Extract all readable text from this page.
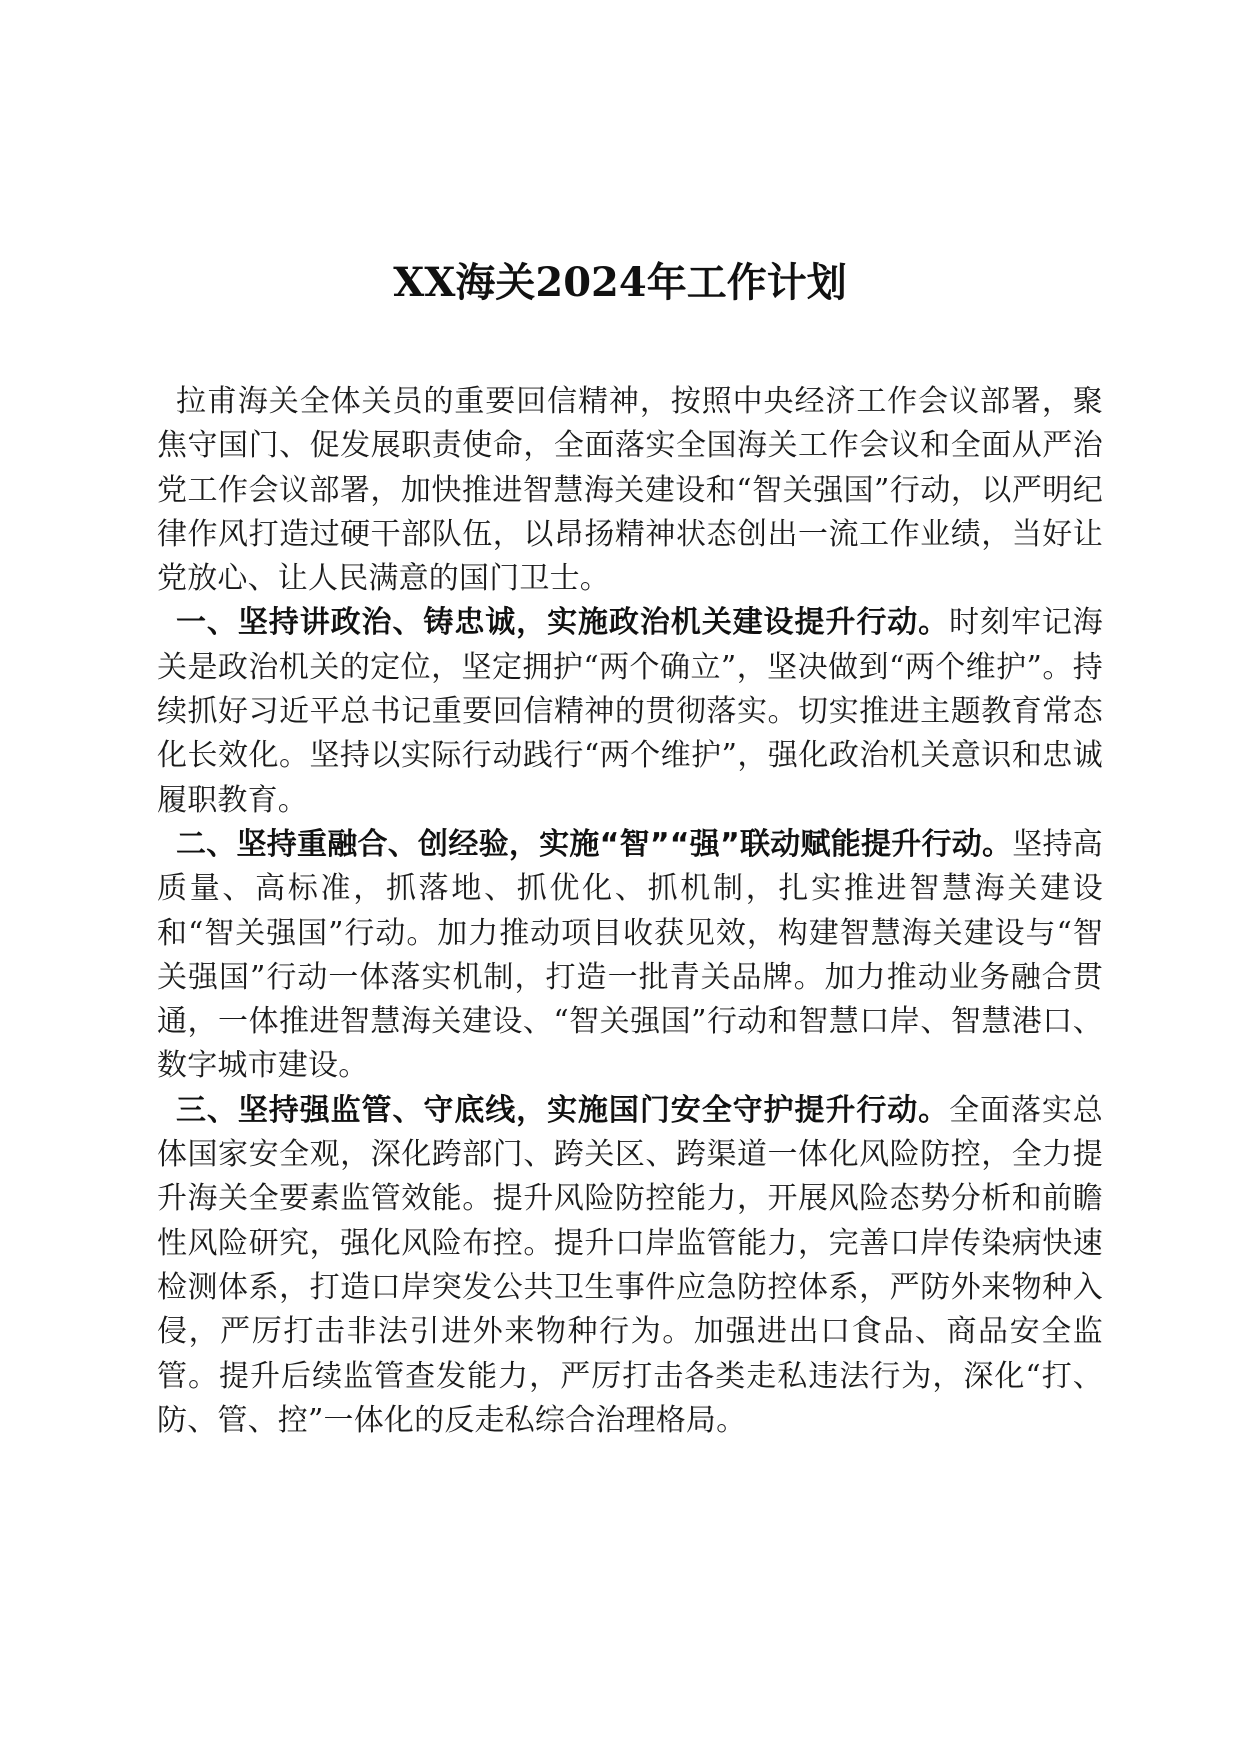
XX海关2024年工作计划

拉甫海关全体关员的重要回信精神，按照中央经济工作会议部署，聚焦守国门、促发展职责使命，全面落实全国海关工作会议和全面从严治党工作会议部署，加快推进智慧海关建设和“智关强国”行动，以严明纪律作风打造过硬干部队伍，以昂扬精神状态创出一流工作业绩，当好让党放心、让人民满意的国门卫士。

一、坚持讲政治、铸忠诚，实施政治机关建设提升行动。时刻牢记海关是政治机关的定位，坚定拥护“两个确立”，坚决做到“两个维护”。持续抓好习近平总书记重要回信精神的贯彻落实。切实推进主题教育常态化长效化。坚持以实际行动践行“两个维护”，强化政治机关意识和忠诚履职教育。

二、坚持重融合、创经验，实施“智”“强”联动赋能提升行动。坚持高质量、高标准，抓落地、抓优化、抓机制，扎实推进智慧海关建设和“智关强国”行动。加力推动项目收获见效，构建智慧海关建设与“智关强国”行动一体落实机制，打造一批青关品牌。加力推动业务融合贯通，一体推进智慧海关建设、“智关强国”行动和智慧口岸、智慧港口、数字城市建设。

三、坚持强监管、守底线，实施国门安全守护提升行动。全面落实总体国家安全观，深化跨部门、跨关区、跨渠道一体化风险防控，全力提升海关全要素监管效能。提升风险防控能力，开展风险态势分析和前瞻性风险研究，强化风险布控。提升口岸监管能力，完善口岸传染病快速检测体系，打造口岸突发公共卫生事件应急防控体系，严防外来物种入侵，严厉打击非法引进外来物种行为。加强进出口食品、商品安全监管。提升后续监管查发能力，严厉打击各类走私违法行为，深化“打、防、管、控”一体化的反走私综合治理格局。
